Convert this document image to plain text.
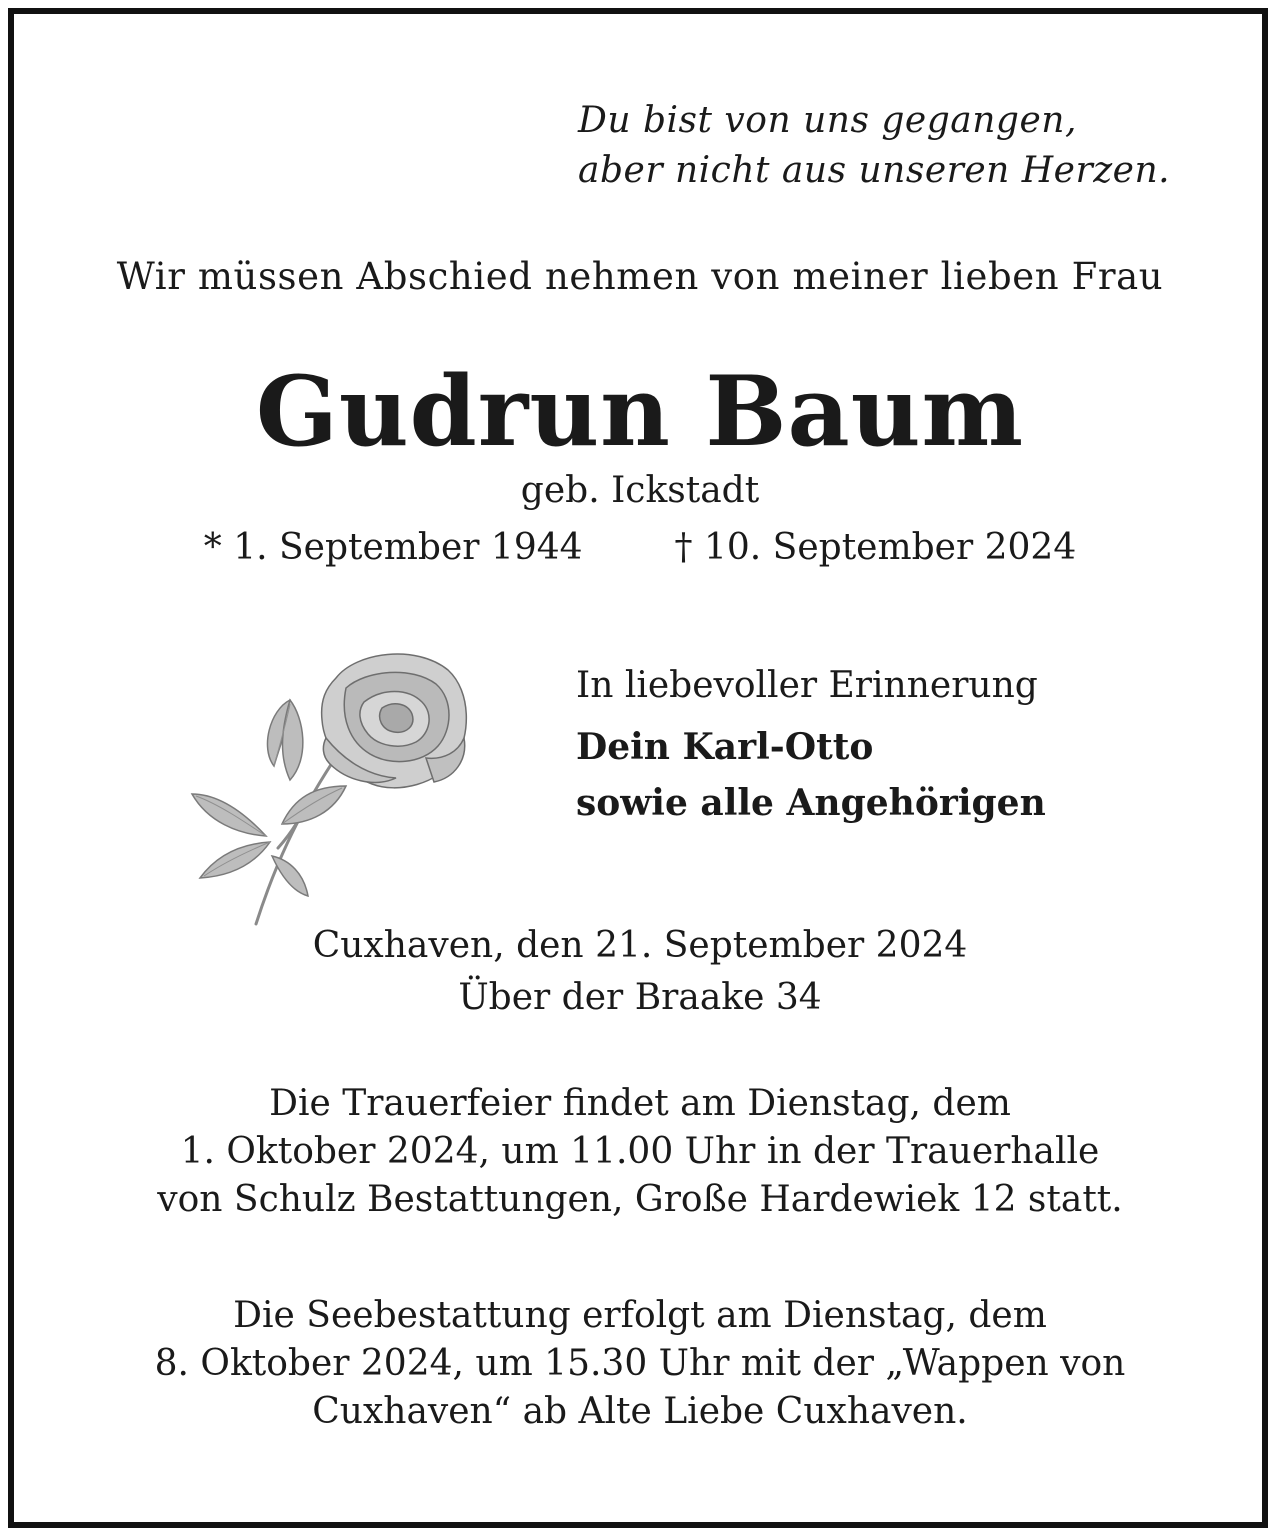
Du bist von uns gegangen,
aber nicht aus unseren Herzen.
Wir müssen Abschied nehmen von meiner lieben Frau
Gudrun Baum
geb. Ickstadt
* 1. September 1944	† 10. September 2024
In liebevoller Erinnerung
Dein Karl-Otto
sowie alle Angehörigen
Cuxhaven, den 21. September 2024
Über der Braake 34
Die Trauerfeier findet am Dienstag, dem
1. Oktober 2024, um 11.00 Uhr in der Trauerhalle
von Schulz Bestattungen, Große Hardewiek 12 statt.
Die Seebestattung erfolgt am Dienstag, dem
8. Oktober 2024, um 15.30 Uhr mit der „Wappen von
Cuxhaven“ ab Alte Liebe Cuxhaven.
